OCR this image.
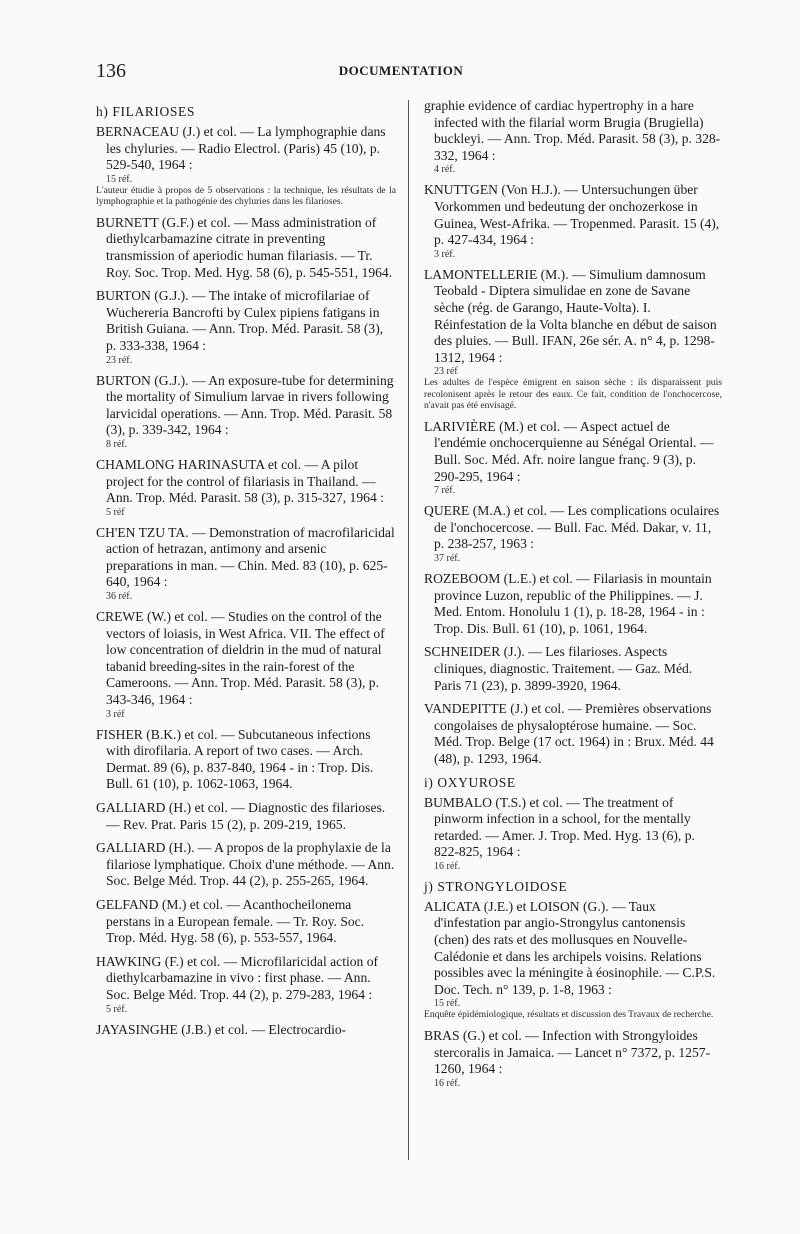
136	DOCUMENTATION
h) FILARIOSES
BERNACEAU (J.) et col. — La lymphographie dans les chyluries. — Radio Electrol. (Paris) 45 (10), p. 529-540, 1964 :
15 réf.
L'auteur étudie à propos de 5 observations : la technique, les résultats de la lymphographie et la pathogénie des chyluries dans les filarioses.
BURNETT (G.F.) et col. — Mass administration of diethylcarbamazine citrate in preventing transmission of aperiodic human filariasis. — Tr. Roy. Soc. Trop. Med. Hyg. 58 (6), p. 545-551, 1964.
BURTON (G.J.). — The intake of microfilariae of Wuchereria Bancrofti by Culex pipiens fatigans in British Guiana. — Ann. Trop. Méd. Parasit. 58 (3), p. 333-338, 1964 :
23 réf.
BURTON (G.J.). — An exposure-tube for determining the mortality of Simulium larvae in rivers following larvicidal operations. — Ann. Trop. Méd. Parasit. 58 (3), p. 339-342, 1964 :
8 réf.
CHAMLONG HARINASUTA et col. — A pilot project for the control of filariasis in Thailand. — Ann. Trop. Méd. Parasit. 58 (3), p. 315-327, 1964 :
5 réf
CH'EN TZU TA. — Demonstration of macrofilaricidal action of hetrazan, antimony and arsenic preparations in man. — Chin. Med. 83 (10), p. 625-640, 1964 :
36 réf.
CREWE (W.) et col. — Studies on the control of the vectors of loiasis, in West Africa. VII. The effect of low concentration of dieldrin in the mud of natural tabanid breeding-sites in the rain-forest of the Cameroons. — Ann. Trop. Méd. Parasit. 58 (3), p. 343-346, 1964 :
3 réf
FISHER (B.K.) et col. — Subcutaneous infections with dirofilaria. A report of two cases. — Arch. Dermat. 89 (6), p. 837-840, 1964 - in : Trop. Dis. Bull. 61 (10), p. 1062-1063, 1964.
GALLIARD (H.) et col. — Diagnostic des filarioses. — Rev. Prat. Paris 15 (2), p. 209-219, 1965.
GALLIARD (H.). — A propos de la prophylaxie de la filariose lymphatique. Choix d'une méthode. — Ann. Soc. Belge Méd. Trop. 44 (2), p. 255-265, 1964.
GELFAND (M.) et col. — Acanthocheilonema perstans in a European female. — Tr. Roy. Soc. Trop. Méd. Hyg. 58 (6), p. 553-557, 1964.
HAWKING (F.) et col. — Microfilaricidal action of diethylcarbamazine in vivo : first phase. — Ann. Soc. Belge Méd. Trop. 44 (2), p. 279-283, 1964 :
5 réf.
JAYASINGHE (J.B.) et col. — Electrocardio-
graphie evidence of cardiac hypertrophy in a hare infected with the filarial worm Brugia (Brugiella) buckleyi. — Ann. Trop. Méd. Parasit. 58 (3), p. 328-332, 1964 :
4 réf.
KNUTTGEN (Von H.J.). — Untersuchungen über Vorkommen und bedeutung der onchozerkose in Guinea, West-Afrika. — Tropenmed. Parasit. 15 (4), p. 427-434, 1964 :
3 réf.
LAMONTELLERIE (M.). — Simulium damnosum Teobald - Diptera simulidae en zone de Savane sèche (rég. de Garango, Haute-Volta). I. Réinfestation de la Volta blanche en début de saison des pluies. — Bull. IFAN, 26e sér. A. n° 4, p. 1298-1312, 1964 :
23 réf
Les adultes de l'espèce émigrent en saison sèche : ils disparaissent puis recolonisent après le retour des eaux. Ce fait, condition de l'onchocercose, n'avait pas été envisagé.
LARIVIÈRE (M.) et col. — Aspect actuel de l'endémie onchocerquienne au Sénégal Oriental. — Bull. Soc. Méd. Afr. noire langue franç. 9 (3), p. 290-295, 1964 :
7 réf.
QUERE (M.A.) et col. — Les complications oculaires de l'onchocercose. — Bull. Fac. Méd. Dakar, v. 11, p. 238-257, 1963 :
37 réf.
ROZEBOOM (L.E.) et col. — Filariasis in mountain province Luzon, republic of the Philippines. — J. Med. Entom. Honolulu 1 (1), p. 18-28, 1964 - in : Trop. Dis. Bull. 61 (10), p. 1061, 1964.
SCHNEIDER (J.). — Les filarioses. Aspects cliniques, diagnostic. Traitement. — Gaz. Méd. Paris 71 (23), p. 3899-3920, 1964.
VANDEPITTE (J.) et col. — Premières observations congolaises de physaloptérose humaine. — Soc. Méd. Trop. Belge (17 oct. 1964) in : Brux. Méd. 44 (48), p. 1293, 1964.
i) OXYUROSE
BUMBALO (T.S.) et col. — The treatment of pinworm infection in a school, for the mentally retarded. — Amer. J. Trop. Med. Hyg. 13 (6), p. 822-825, 1964 :
16 réf.
j) STRONGYLOIDOSE
ALICATA (J.E.) et LOISON (G.). — Taux d'infestation par angio-Strongylus cantonensis (chen) des rats et des mollusques en Nouvelle-Calédonie et dans les archipels voisins. Relations possibles avec la méningite à éosinophile. — C.P.S. Doc. Tech. n° 139, p. 1-8, 1963 :
15 réf.
Enquête épidémiologique, résultats et discussion des Travaux de recherche.
BRAS (G.) et col. — Infection with Strongyloides stercoralis in Jamaica. — Lancet n° 7372, p. 1257-1260, 1964 :
16 réf.
